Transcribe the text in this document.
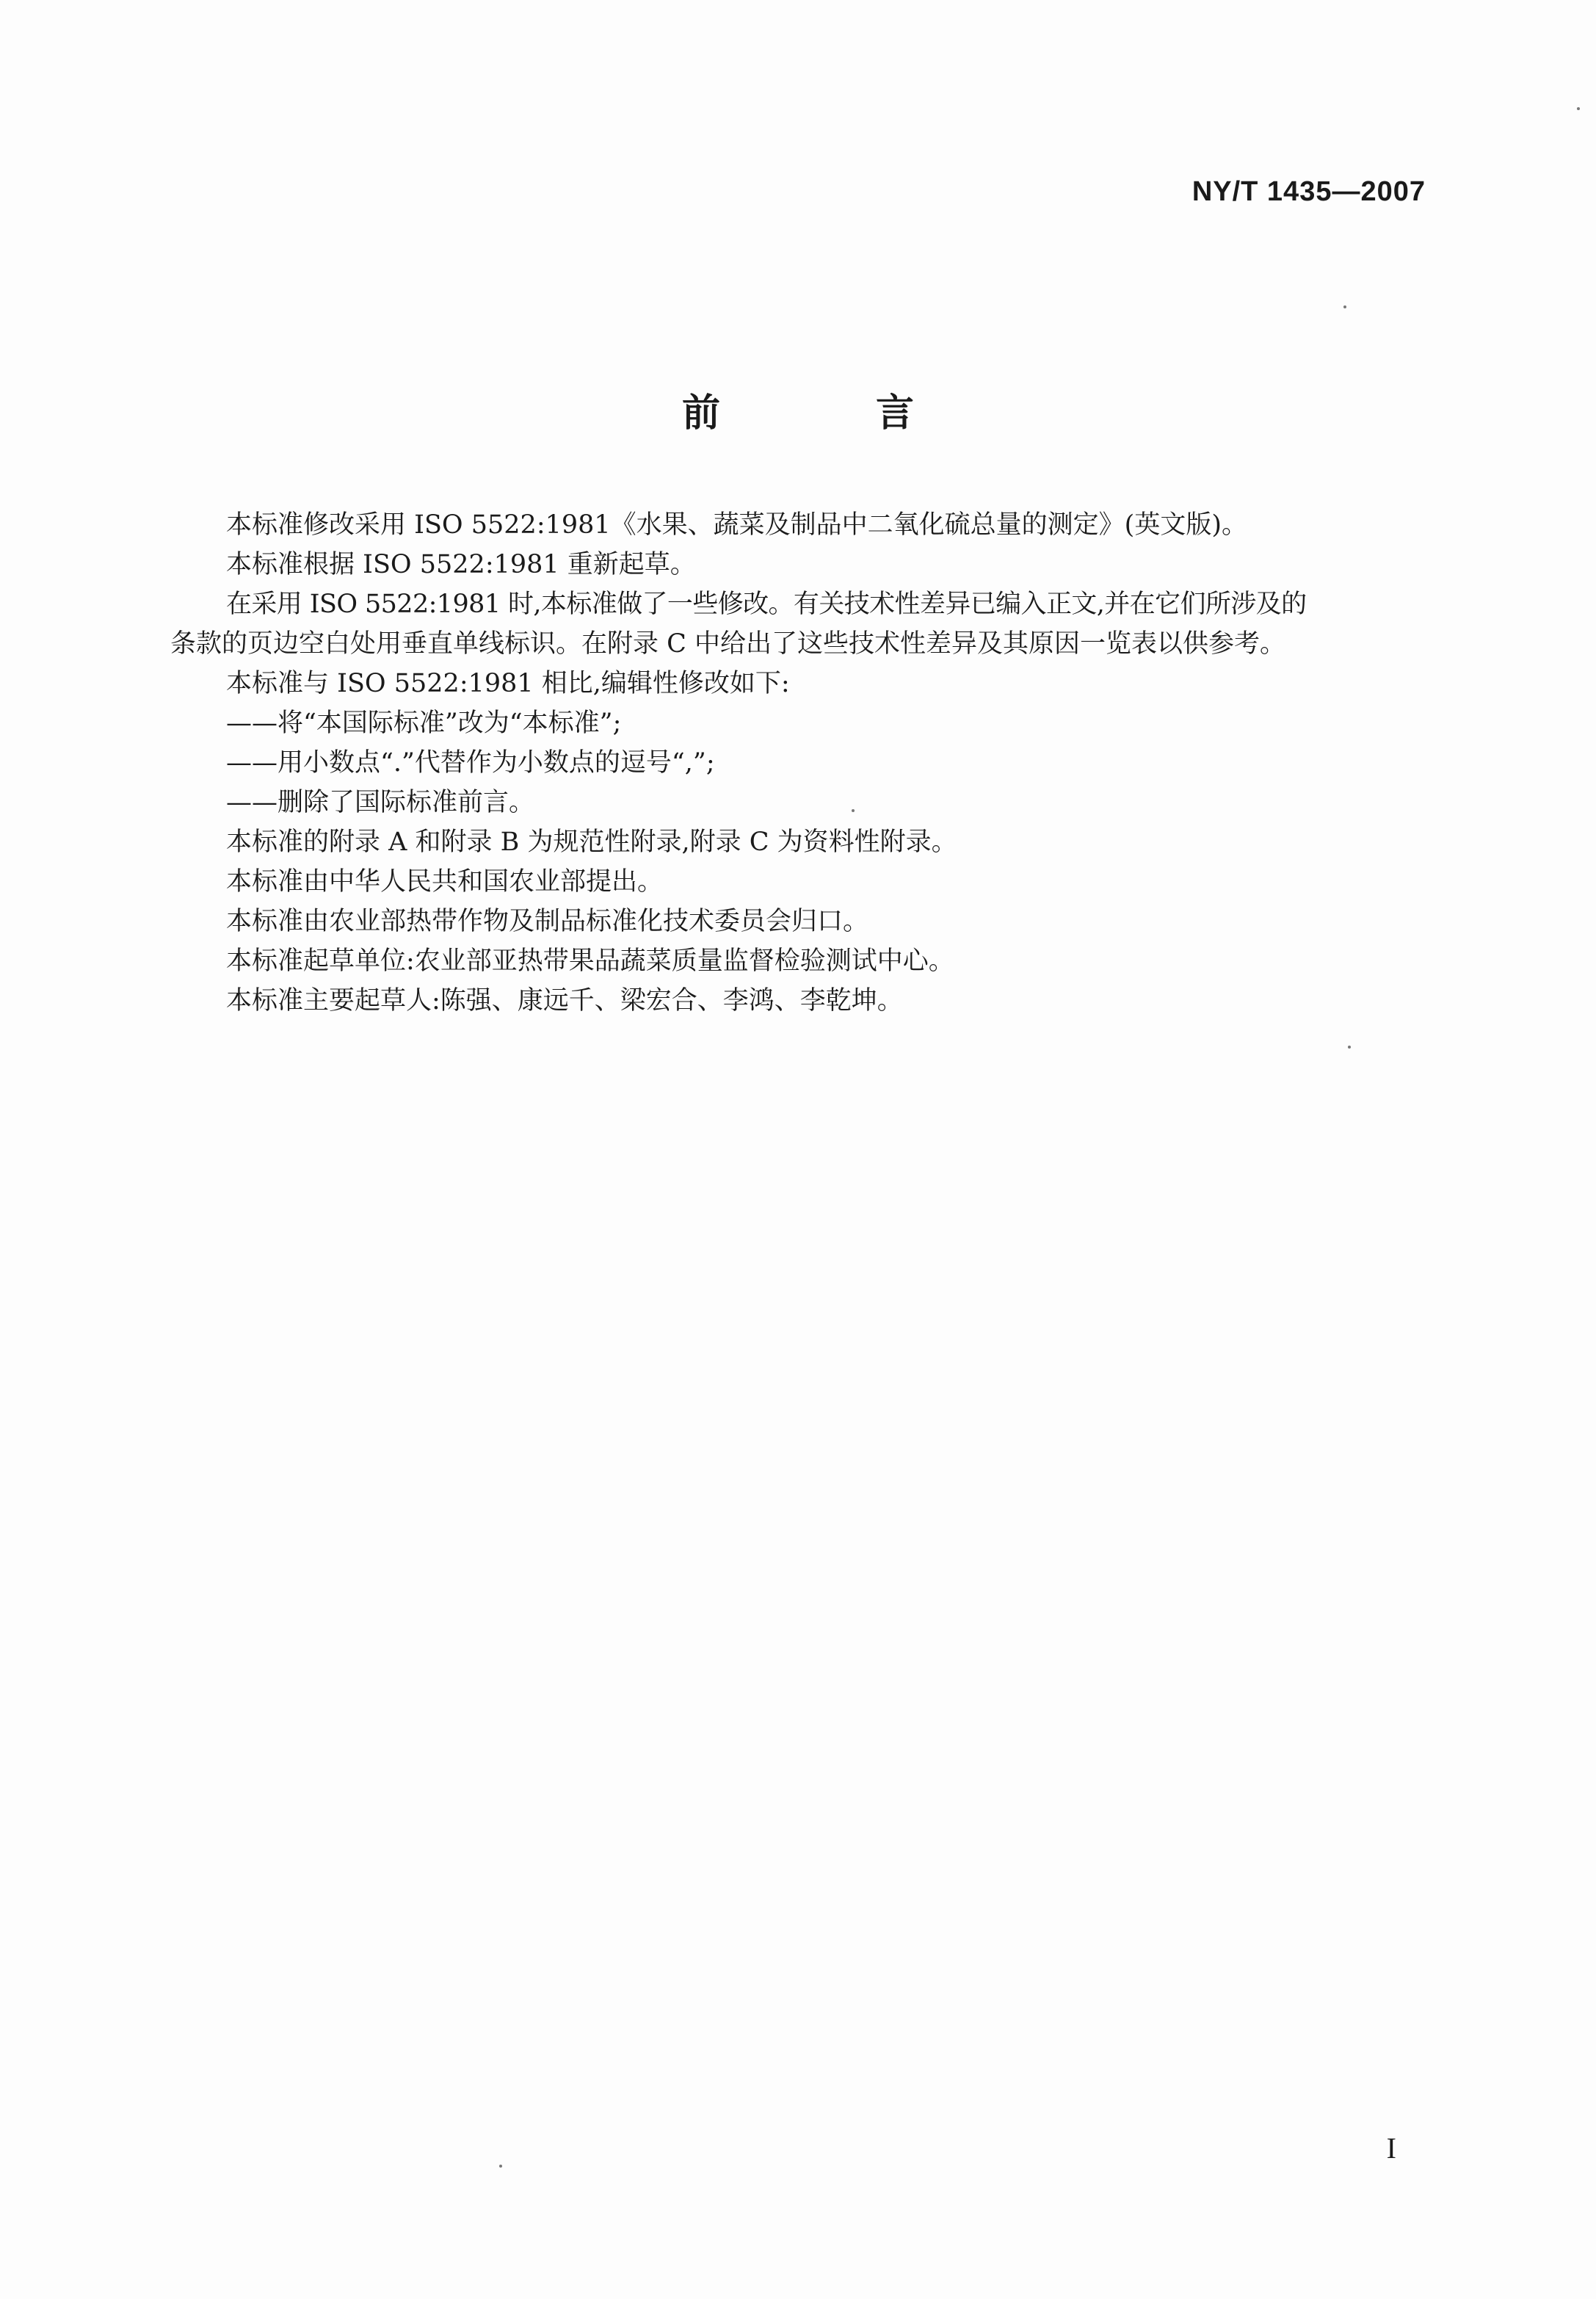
NY/T 1435—2007
前　言

本标准修改采用 ISO 5522:1981《水果、蔬菜及制品中二氧化硫总量的测定》(英文版)。

本标准根据 ISO 5522:1981 重新起草。

在采用 ISO 5522:1981 时,本标准做了一些修改。有关技术性差异已编入正文,并在它们所涉及的

条款的页边空白处用垂直单线标识。在附录 C 中给出了这些技术性差异及其原因一览表以供参考。

本标准与 ISO 5522:1981 相比,编辑性修改如下:

——将“本国际标准”改为“本标准”;

——用小数点“.”代替作为小数点的逗号“,”;

——删除了国际标准前言。

本标准的附录 A 和附录 B 为规范性附录,附录 C 为资料性附录。

本标准由中华人民共和国农业部提出。

本标准由农业部热带作物及制品标准化技术委员会归口。

本标准起草单位:农业部亚热带果品蔬菜质量监督检验测试中心。

本标准主要起草人:陈强、康远千、梁宏合、李鸿、李乾坤。

I
